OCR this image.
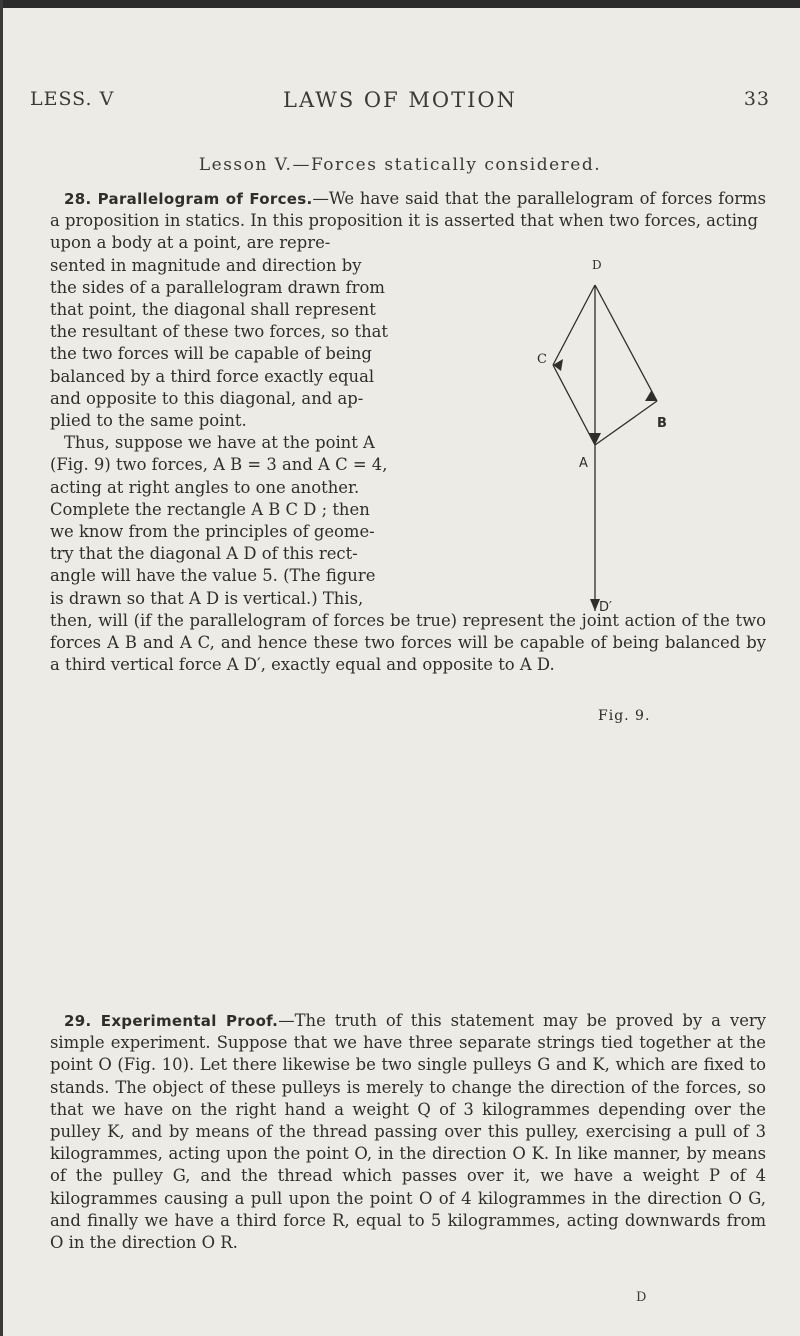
LESS. V	LAWS OF MOTION	33
Lesson V.—Forces statically considered.

28. Parallelogram of Forces.—We have said that the parallelogram of forces forms a proposition in statics. In this proposition it is asserted that when two forces, acting

upon a body at a point, are repre-
sented in magnitude and direction by
the sides of a parallelogram drawn from
that point, the diagonal shall represent
the resultant of these two forces, so that
the two forces will be capable of being
balanced by a third force exactly equal
and opposite to this diagonal, and ap-
plied to the same point.
Thus, suppose we have at the point A
(Fig. 9) two forces, A B = 3 and A C = 4,
acting at right angles to one another.
Complete the rectangle A B C D ; then
we know from the principles of geome-
try that the diagonal A D of this rect-
angle will have the value 5. (The figure
is drawn so that A D is vertical.) This,

then, will (if the parallelogram of forces be true) represent the joint action of the two forces A B and A C, and hence these two forces will be capable of being balanced by a third vertical force A D′, exactly equal and opposite to A D.

D
C
B
A
D′
Fig. 9.

29. Experimental Proof.—The truth of this statement may be proved by a very simple experiment. Suppose that we have three separate strings tied together at the point O (Fig. 10). Let there likewise be two single pulleys G and K, which are fixed to stands. The object of these pulleys is merely to change the direction of the forces, so that we have on the right hand a weight Q of 3 kilogrammes depending over the pulley K, and by means of the thread passing over this pulley, exercising a pull of 3 kilogrammes, acting upon the point O, in the direction O K. In like manner, by means of the pulley G, and the thread which passes over it, we have a weight P of 4 kilogrammes causing a pull upon the point O of 4 kilogrammes in the direction O G, and finally we have a third force R, equal to 5 kilogrammes, acting downwards from O in the direction O R.

D
